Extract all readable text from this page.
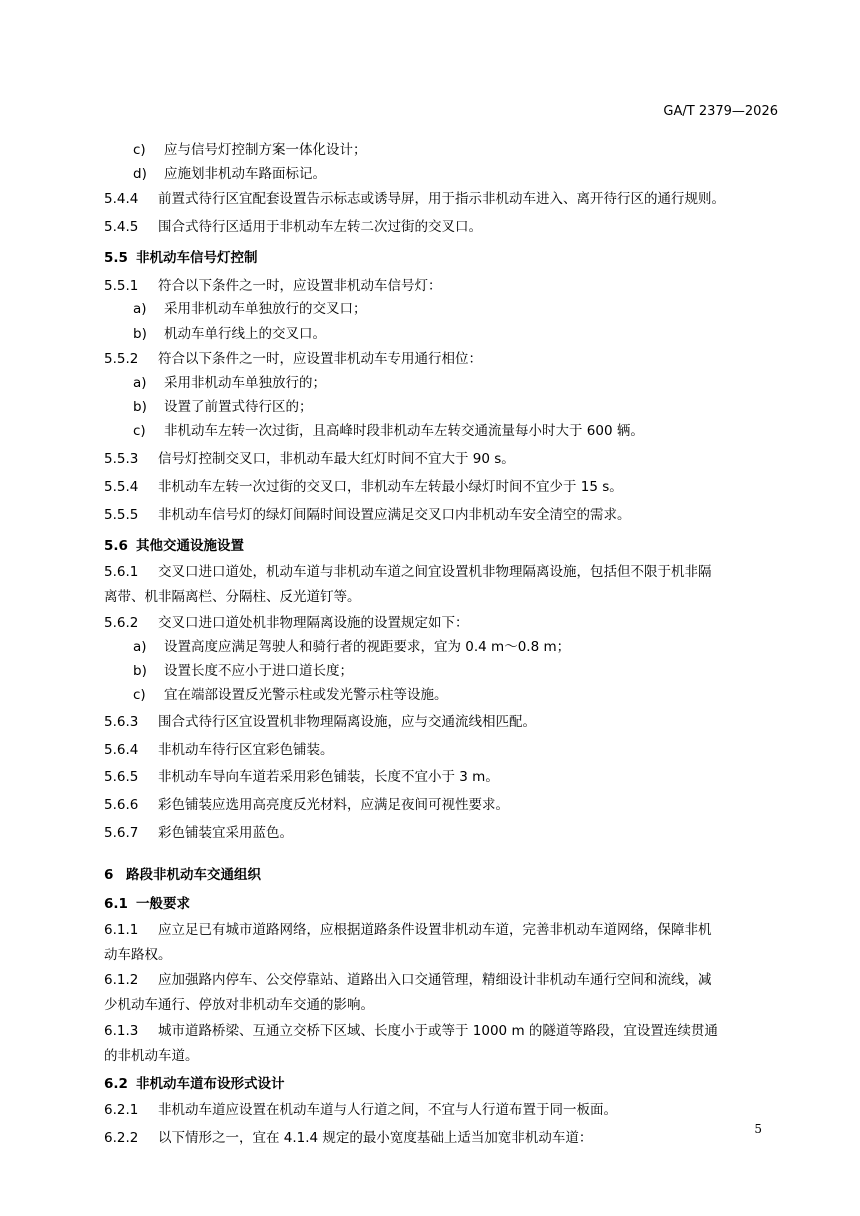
GA/T 2379—2026
c) 应与信号灯控制方案一体化设计；
d) 应施划非机动车路面标记。
5.4.4 前置式待行区宜配套设置告示标志或诱导屏，用于指示非机动车进入、离开待行区的通行规则。
5.4.5 围合式待行区适用于非机动车左转二次过街的交叉口。
5.5 非机动车信号灯控制
5.5.1 符合以下条件之一时，应设置非机动车信号灯：
a) 采用非机动车单独放行的交叉口；
b) 机动车单行线上的交叉口。
5.5.2 符合以下条件之一时，应设置非机动车专用通行相位：
a) 采用非机动车单独放行的；
b) 设置了前置式待行区的；
c) 非机动车左转一次过街，且高峰时段非机动车左转交通流量每小时大于 600 辆。
5.5.3 信号灯控制交叉口，非机动车最大红灯时间不宜大于 90 s。
5.5.4 非机动车左转一次过街的交叉口，非机动车左转最小绿灯时间不宜少于 15 s。
5.5.5 非机动车信号灯的绿灯间隔时间设置应满足交叉口内非机动车安全清空的需求。
5.6 其他交通设施设置
5.6.1 交叉口进口道处，机动车道与非机动车道之间宜设置机非物理隔离设施，包括但不限于机非隔
离带、机非隔离栏、分隔柱、反光道钉等。
5.6.2 交叉口进口道处机非物理隔离设施的设置规定如下：
a) 设置高度应满足驾驶人和骑行者的视距要求，宜为 0.4 m～0.8 m；
b) 设置长度不应小于进口道长度；
c) 宜在端部设置反光警示柱或发光警示柱等设施。
5.6.3 围合式待行区宜设置机非物理隔离设施，应与交通流线相匹配。
5.6.4 非机动车待行区宜彩色铺装。
5.6.5 非机动车导向车道若采用彩色铺装，长度不宜小于 3 m。
5.6.6 彩色铺装应选用高亮度反光材料，应满足夜间可视性要求。
5.6.7 彩色铺装宜采用蓝色。
6 路段非机动车交通组织
6.1 一般要求
6.1.1 应立足已有城市道路网络，应根据道路条件设置非机动车道，完善非机动车道网络，保障非机
动车路权。
6.1.2 应加强路内停车、公交停靠站、道路出入口交通管理，精细设计非机动车通行空间和流线，减
少机动车通行、停放对非机动车交通的影响。
6.1.3 城市道路桥梁、互通立交桥下区域、长度小于或等于 1000 m 的隧道等路段，宜设置连续贯通
的非机动车道。
6.2 非机动车道布设形式设计
6.2.1 非机动车道应设置在机动车道与人行道之间，不宜与人行道布置于同一板面。
6.2.2 以下情形之一，宜在 4.1.4 规定的最小宽度基础上适当加宽非机动车道：
5
